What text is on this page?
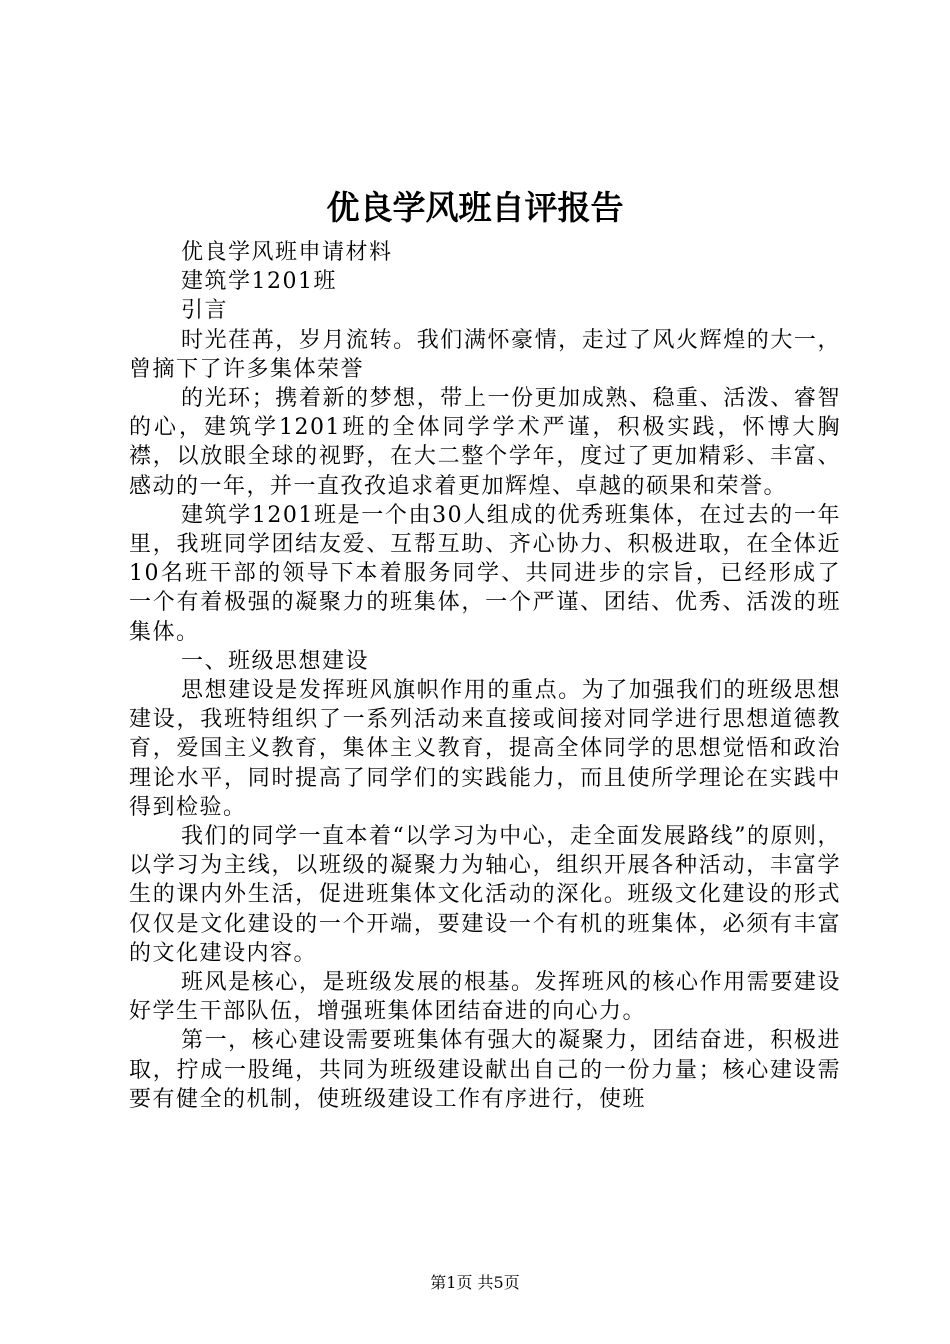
优良学风班自评报告

优良学风班申请材料

建筑学1201班

引言

时光荏苒，岁月流转。我们满怀豪情，走过了风火辉煌的大一，曾摘下了许多集体荣誉

的光环；携着新的梦想，带上一份更加成熟、稳重、活泼、睿智的心，建筑学1201班的全体同学学术严谨，积极实践，怀博大胸襟，以放眼全球的视野，在大二整个学年，度过了更加精彩、丰富、感动的一年，并一直孜孜追求着更加辉煌、卓越的硕果和荣誉。

建筑学1201班是一个由30人组成的优秀班集体，在过去的一年里，我班同学团结友爱、互帮互助、齐心协力、积极进取，在全体近10名班干部的领导下本着服务同学、共同进步的宗旨，已经形成了一个有着极强的凝聚力的班集体，一个严谨、团结、优秀、活泼的班集体。

一、班级思想建设

思想建设是发挥班风旗帜作用的重点。为了加强我们的班级思想建设，我班特组织了一系列活动来直接或间接对同学进行思想道德教育，爱国主义教育，集体主义教育，提高全体同学的思想觉悟和政治理论水平，同时提高了同学们的实践能力，而且使所学理论在实践中得到检验。

我们的同学一直本着“以学习为中心，走全面发展路线”的原则，以学习为主线，以班级的凝聚力为轴心，组织开展各种活动，丰富学生的课内外生活，促进班集体文化活动的深化。班级文化建设的形式仅仅是文化建设的一个开端，要建设一个有机的班集体，必须有丰富的文化建设内容。

班风是核心，是班级发展的根基。发挥班风的核心作用需要建设好学生干部队伍，增强班集体团结奋进的向心力。

第一，核心建设需要班集体有强大的凝聚力，团结奋进，积极进取，拧成一股绳，共同为班级建设献出自己的一份力量；核心建设需要有健全的机制，使班级建设工作有序进行，使班

第1页 共5页
